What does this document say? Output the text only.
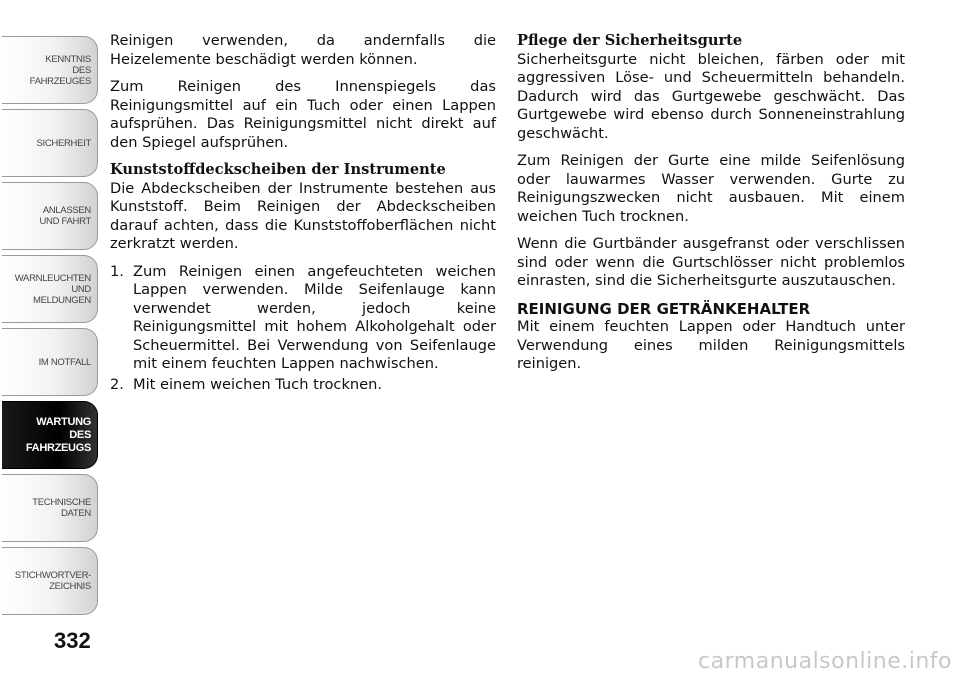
KENNTNIS
DES
FAHRZEUGES
SICHERHEIT
ANLASSEN
UND FAHRT
WARNLEUCHTEN
UND
MELDUNGEN
IM NOTFALL
WARTUNG
DES
FAHRZEUGS
TECHNISCHE
DATEN
STICHWORTVER-
ZEICHNIS
332

Reinigen verwenden, da andernfalls die Heizelemente beschädigt werden können.

Zum Reinigen des Innenspiegels das Reinigungsmittel auf ein Tuch oder einen Lappen aufsprühen. Das Reinigungsmittel nicht direkt auf den Spiegel aufsprühen.

Kunststoffdeckscheiben der Instrumente

Die Abdeckscheiben der Instrumente bestehen aus Kunststoff. Beim Reinigen der Abdeckscheiben darauf achten, dass die Kunststoffoberflächen nicht zerkratzt werden.

1. Zum Reinigen einen angefeuchteten weichen Lappen verwenden. Milde Seifenlauge kann verwendet werden, jedoch keine Reinigungsmittel mit hohem Alkoholgehalt oder Scheuermittel. Bei Verwendung von Seifenlauge mit einem feuchten Lappen nachwischen.
2. Mit einem weichen Tuch trocknen.
Pflege der Sicherheitsgurte

Sicherheitsgurte nicht bleichen, färben oder mit aggressiven Löse- und Scheuermitteln behandeln. Dadurch wird das Gurtgewebe geschwächt. Das Gurtgewebe wird ebenso durch Sonneneinstrahlung geschwächt.

Zum Reinigen der Gurte eine milde Seifenlösung oder lauwarmes Wasser verwenden. Gurte zu Reinigungszwecken nicht ausbauen. Mit einem weichen Tuch trocknen.

Wenn die Gurtbänder ausgefranst oder verschlissen sind oder wenn die Gurtschlösser nicht problemlos einrasten, sind die Sicherheitsgurte auszutauschen.

REINIGUNG DER GETRÄNKEHALTER

Mit einem feuchten Lappen oder Handtuch unter Verwendung eines milden Reinigungsmittels reinigen.

carmanualsonline.info
